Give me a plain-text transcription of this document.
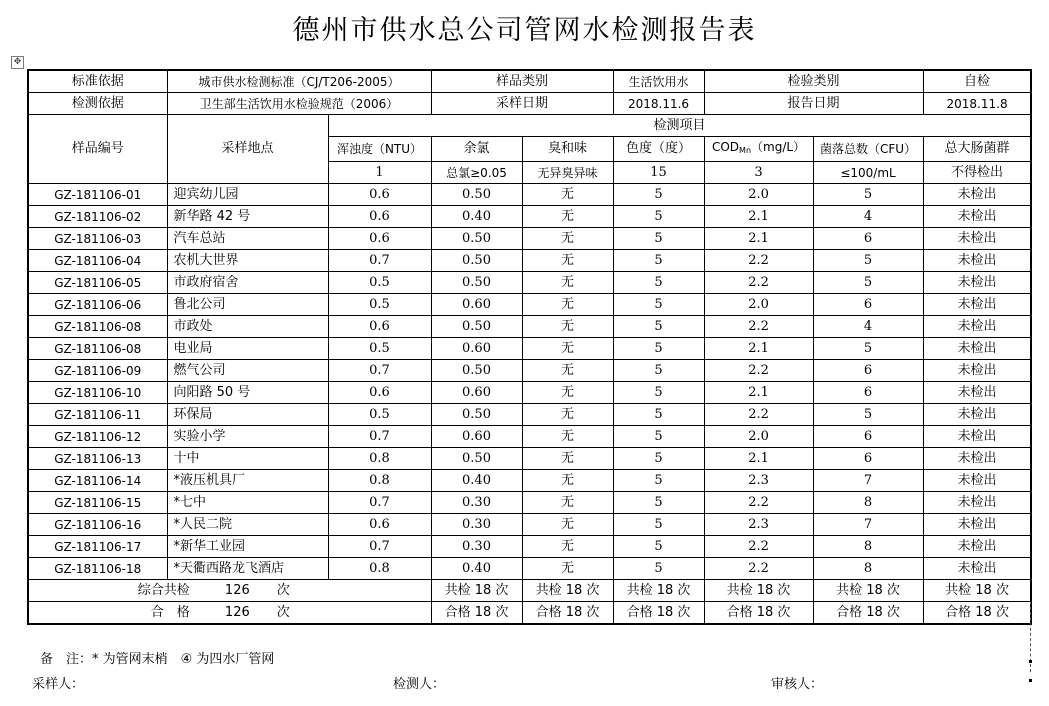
德州市供水总公司管网水检测报告表
✥
标准依据	城市供水检测标准（CJ/T206-2005）		样品类别		生活饮用水	检验类别		自检	
检测依据	卫生部生活饮用水检验规范（2006）		采样日期		2018.11.6	报告日期		2018.11.8	
样品编号	采样地点	检测项目							
		浑浊度（NTU）	余氯	臭和味	色度（度）	$COD_{Mn}(mg/L)$	菌落总数（CFU）	总大肠菌群	
		1	总氯≥0.05	无异臭异味	15	3	≤100/mL	不得检出	
GZ-181106-01	迎宾幼儿园	0.6	0.50	无	5	2.0	5	未检出	
GZ-181106-02	新华路 42 号	0.6	0.40	无	5	2.1	4	未检出	
GZ-181106-03	汽车总站	0.6	0.50	无	5	2.1	6	未检出	
GZ-181106-04	农机大世界	0.7	0.50	无	5	2.2	5	未检出	
GZ-181106-05	市政府宿舍	0.5	0.50	无	5	2.2	5	未检出	
GZ-181106-06	鲁北公司	0.5	0.60	无	5	2.0	6	未检出	
GZ-181106-08	市政处	0.6	0.50	无	5	2.2	4	未检出	
GZ-181106-08	电业局	0.5	0.60	无	5	2.1	5	未检出	
GZ-181106-09	燃气公司	0.7	0.50	无	5	2.2	6	未检出	
GZ-181106-10	向阳路 50 号	0.6	0.60	无	5	2.1	6	未检出	
GZ-181106-11	环保局	0.5	0.50	无	5	2.2	5	未检出	
GZ-181106-12	实验小学	0.7	0.60	无	5	2.0	6	未检出	
GZ-181106-13	十中	0.8	0.50	无	5	2.1	6	未检出	
GZ-181106-14	*液压机具厂	0.8	0.40	无	5	2.3	7	未检出	
GZ-181106-15	*七中	0.7	0.30	无	5	2.2	8	未检出	
GZ-181106-16	*人民二院	0.6	0.30	无	5	2.3	7	未检出	
GZ-181106-17	*新华工业园	0.7	0.30	无	5	2.2	8	未检出	
GZ-181106-18	*天衢西路龙飞酒店	0.8	0.40	无	5	2.2	8	未检出	
综合共检 126 次			共检 18 次	共检 18 次	共检 18 次	共检 18 次	共检 18 次	共检 18 次	
合　格 126 次			合格 18 次	合格 18 次	合格 18 次	合格 18 次	合格 18 次	合格 18 次	
备　注：* 为管网末梢　④ 为四水厂管网
采样人：	检测人：	审核人：
